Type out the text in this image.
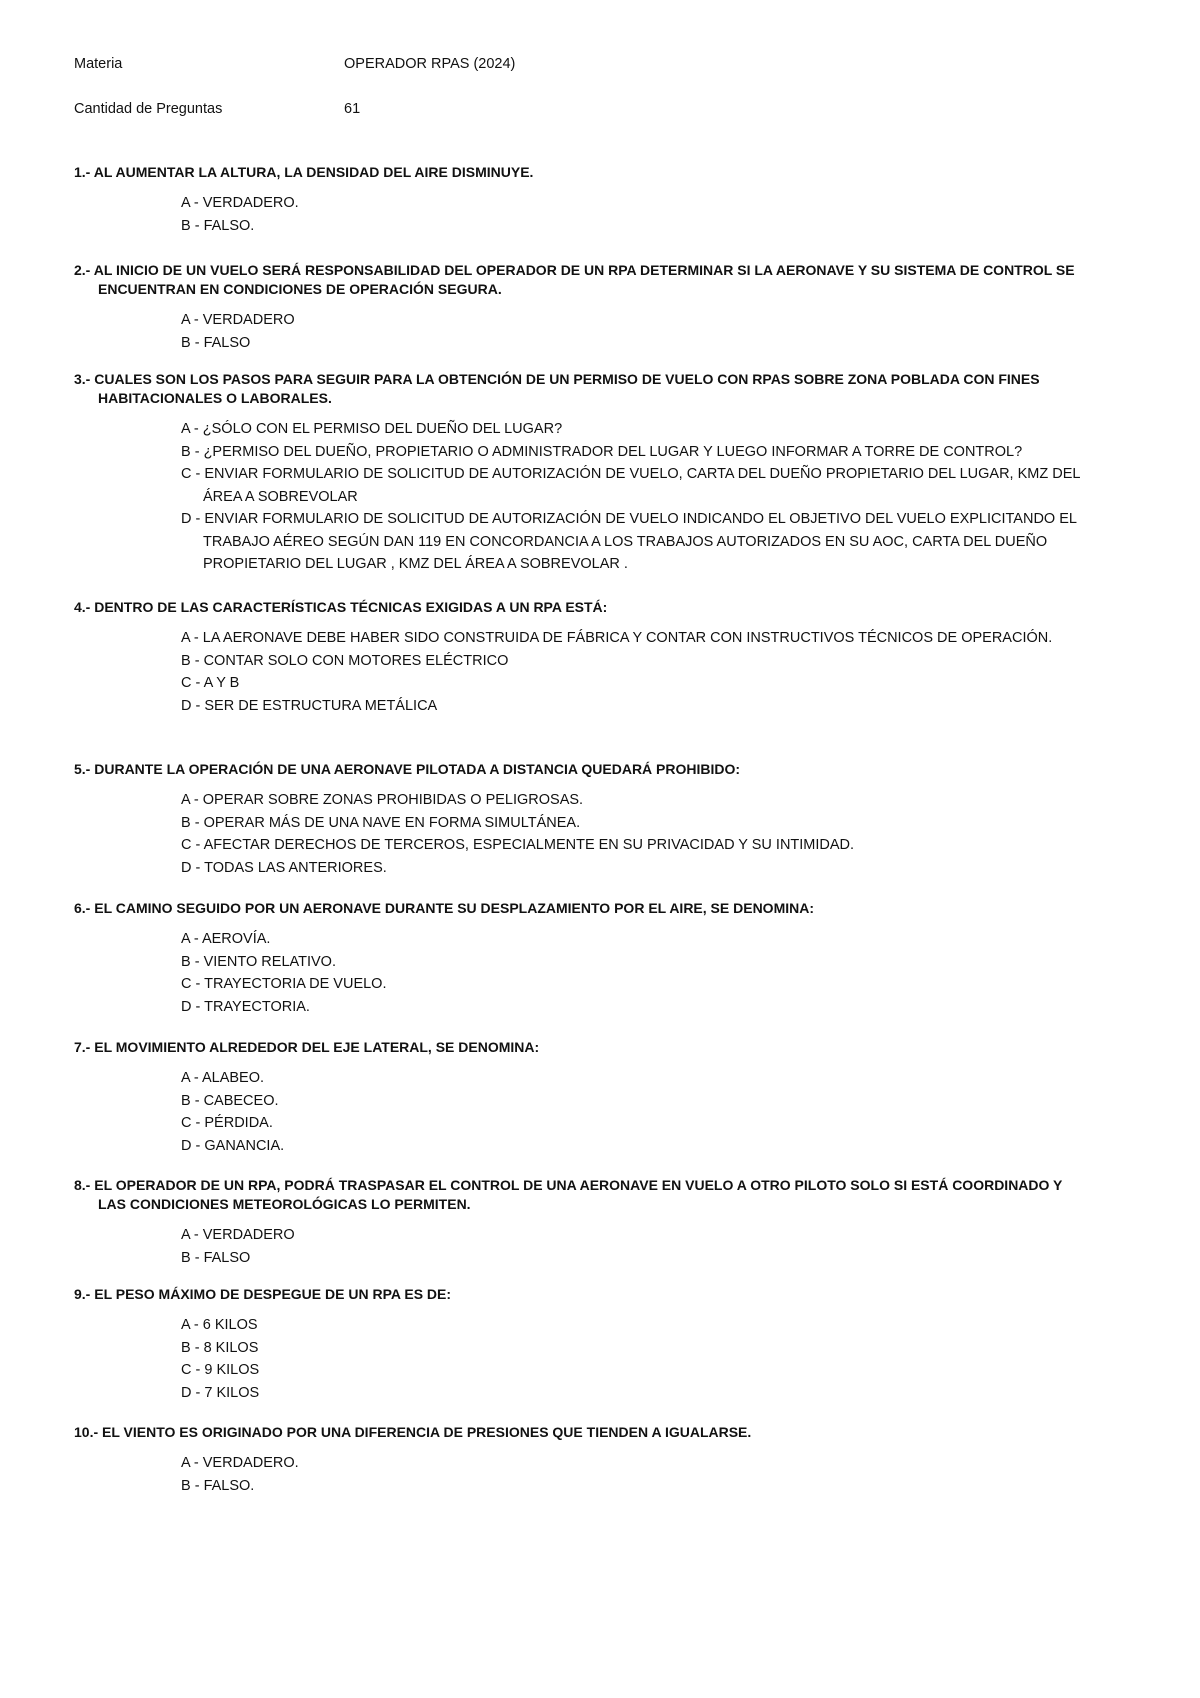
Materia	OPERADOR RPAS (2024)
Cantidad de Preguntas	61
1.- AL AUMENTAR LA ALTURA, LA DENSIDAD DEL AIRE DISMINUYE.
A - VERDADERO.
B - FALSO.
2.- AL INICIO DE UN VUELO SERÁ RESPONSABILIDAD DEL OPERADOR DE UN RPA DETERMINAR SI LA AERONAVE Y SU SISTEMA DE CONTROL SE ENCUENTRAN EN CONDICIONES DE OPERACIÓN SEGURA.
A - VERDADERO
B - FALSO
3.- CUALES SON LOS PASOS PARA SEGUIR PARA LA OBTENCIÓN DE UN PERMISO DE VUELO CON RPAS SOBRE ZONA POBLADA CON FINES HABITACIONALES O LABORALES.
A - ¿SÓLO CON EL PERMISO DEL DUEÑO DEL LUGAR?
B - ¿PERMISO DEL DUEÑO, PROPIETARIO O ADMINISTRADOR DEL LUGAR Y LUEGO INFORMAR A TORRE DE CONTROL?
C - ENVIAR FORMULARIO DE SOLICITUD DE AUTORIZACIÓN DE VUELO, CARTA DEL DUEÑO PROPIETARIO DEL LUGAR, KMZ DEL ÁREA A SOBREVOLAR
D - ENVIAR FORMULARIO DE SOLICITUD DE AUTORIZACIÓN DE VUELO INDICANDO EL OBJETIVO DEL VUELO EXPLICITANDO EL TRABAJO AÉREO SEGÚN DAN 119 EN CONCORDANCIA A LOS TRABAJOS AUTORIZADOS EN SU AOC, CARTA DEL DUEÑO PROPIETARIO DEL LUGAR , KMZ DEL ÁREA A SOBREVOLAR .
4.- DENTRO DE LAS CARACTERÍSTICAS TÉCNICAS EXIGIDAS A UN RPA ESTÁ:
A - LA AERONAVE DEBE HABER SIDO CONSTRUIDA DE FÁBRICA Y CONTAR CON INSTRUCTIVOS TÉCNICOS DE OPERACIÓN.
B - CONTAR SOLO CON MOTORES ELÉCTRICO
C - A Y B
D - SER DE ESTRUCTURA METÁLICA
5.- DURANTE LA OPERACIÓN DE UNA AERONAVE PILOTADA A DISTANCIA QUEDARÁ PROHIBIDO:
A - OPERAR SOBRE ZONAS PROHIBIDAS O PELIGROSAS.
B - OPERAR MÁS DE UNA NAVE EN FORMA SIMULTÁNEA.
C - AFECTAR DERECHOS DE TERCEROS, ESPECIALMENTE EN SU PRIVACIDAD Y SU INTIMIDAD.
D - TODAS LAS ANTERIORES.
6.- EL CAMINO SEGUIDO POR UN AERONAVE DURANTE SU DESPLAZAMIENTO POR EL AIRE, SE DENOMINA:
A - AEROVÍA.
B - VIENTO RELATIVO.
C - TRAYECTORIA DE VUELO.
D - TRAYECTORIA.
7.- EL MOVIMIENTO ALREDEDOR DEL EJE LATERAL, SE DENOMINA:
A - ALABEO.
B - CABECEO.
C - PÉRDIDA.
D - GANANCIA.
8.- EL OPERADOR DE UN RPA, PODRÁ TRASPASAR EL CONTROL DE UNA AERONAVE EN VUELO A OTRO PILOTO SOLO SI ESTÁ COORDINADO Y LAS CONDICIONES METEOROLÓGICAS LO PERMITEN.
A - VERDADERO
B - FALSO
9.- EL PESO MÁXIMO DE DESPEGUE DE UN RPA ES DE:
A - 6 KILOS
B - 8 KILOS
C - 9 KILOS
D - 7 KILOS
10.- EL VIENTO ES ORIGINADO POR UNA DIFERENCIA DE PRESIONES QUE TIENDEN A IGUALARSE.
A - VERDADERO.
B - FALSO.
